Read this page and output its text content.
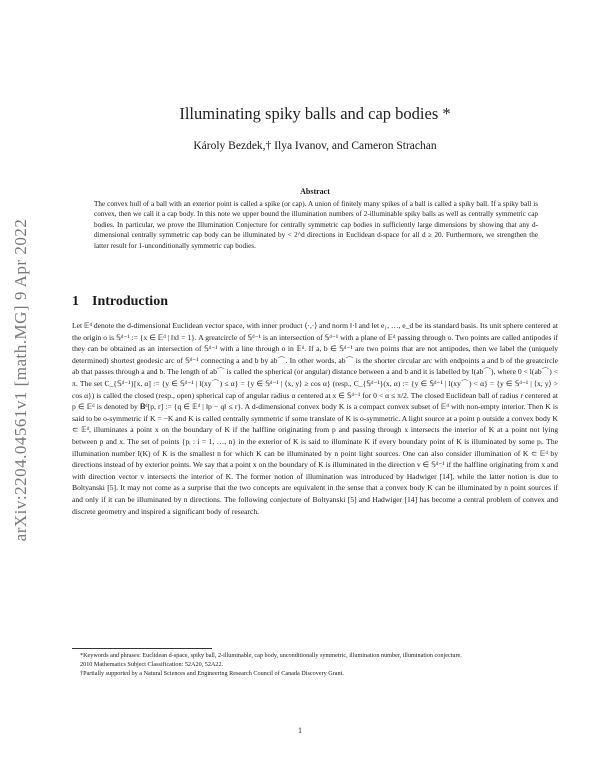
arXiv:2204.04561v1 [math.MG] 9 Apr 2022
Illuminating spiky balls and cap bodies *
Károly Bezdek,† Ilya Ivanov, and Cameron Strachan
Abstract

The convex hull of a ball with an exterior point is called a spike (or cap). A union of finitely many spikes of a ball is called a spiky ball. If a spiky ball is convex, then we call it a cap body. In this note we upper bound the illumination numbers of 2-illuminable spiky balls as well as centrally symmetric cap bodies. In particular, we prove the Illumination Conjecture for centrally symmetric cap bodies in sufficiently large dimensions by showing that any d-dimensional centrally symmetric cap body can be illuminated by < 2^d directions in Euclidean d-space for all d ≥ 20. Furthermore, we strengthen the latter result for 1-unconditionally symmetric cap bodies.

1 Introduction

Let 𝔼ᵈ denote the d-dimensional Euclidean vector space, with inner product ⟨·,·⟩ and norm ‖·‖ and let e₁, …, e_d be its standard basis. Its unit sphere centered at the origin o is 𝕊ᵈ⁻¹ := {x ∈ 𝔼ᵈ | ‖x‖ = 1}. A greatcircle of 𝕊ᵈ⁻¹ is an intersection of 𝕊ᵈ⁻¹ with a plane of 𝔼ᵈ passing through o. Two points are called antipodes if they can be obtained as an intersection of 𝕊ᵈ⁻¹ with a line through o in 𝔼ᵈ. If a, b ∈ 𝕊ᵈ⁻¹ are two points that are not antipodes, then we label the (uniquely determined) shortest geodesic arc of 𝕊ᵈ⁻¹ connecting a and b by ab⌒. In other words, ab⌒ is the shorter circular arc with endpoints a and b of the greatcircle ab that passes through a and b. The length of ab⌒ is called the spherical (or angular) distance between a and b and it is labelled by l(ab⌒), where 0 < l(ab⌒) < π. The set C_{𝕊ᵈ⁻¹}[x, α] := {y ∈ 𝕊ᵈ⁻¹ | l(xy⌒) ≤ α} = {y ∈ 𝕊ᵈ⁻¹ | ⟨x, y⟩ ≥ cos α} (resp., C_{𝕊ᵈ⁻¹}(x, α) := {y ∈ 𝕊ᵈ⁻¹ | l(xy⌒) < α} = {y ∈ 𝕊ᵈ⁻¹ | ⟨x, y⟩ > cos α}) is called the closed (resp., open) spherical cap of angular radius α centered at x ∈ 𝕊ᵈ⁻¹ for 0 < α ≤ π/2. The closed Euclidean ball of radius r centered at p ∈ 𝔼ᵈ is denoted by 𝐁ᵈ[p, r] := {q ∈ 𝔼ᵈ | ‖p − q‖ ≤ r}. A d-dimensional convex body K is a compact convex subset of 𝔼ᵈ with non-empty interior. Then K is said to be o-symmetric if K = −K and K is called centrally symmetric if some translate of K is o-symmetric. A light source at a point p outside a convex body K ⊂ 𝔼ᵈ, illuminates a point x on the boundary of K if the halfline originating from p and passing through x intersects the interior of K at a point not lying between p and x. The set of points {pᵢ : i = 1, …, n} in the exterior of K is said to illuminate K if every boundary point of K is illuminated by some pᵢ. The illumination number I(K) of K is the smallest n for which K can be illuminated by n point light sources. One can also consider illumination of K ⊂ 𝔼ᵈ by directions instead of by exterior points. We say that a point x on the boundary of K is illuminated in the direction v ∈ 𝕊ᵈ⁻¹ if the halfline originating from x and with direction vector v intersects the interior of K. The former notion of illumination was introduced by Hadwiger [14], while the latter notion is due to Boltyanski [5]. It may not come as a surprise that the two concepts are equivalent in the sense that a convex body K can be illuminated by n point sources if and only if it can be illuminated by n directions. The following conjecture of Boltyanski [5] and Hadwiger [14] has become a central problem of convex and discrete geometry and inspired a significant body of research.

*Keywords and phrases: Euclidean d-space, spiky ball, 2-illuminable, cap body, unconditionally symmetric, illumination number, illumination conjecture.

2010 Mathematics Subject Classification: 52A20, 52A22.

†Partially supported by a Natural Sciences and Engineering Research Council of Canada Discovery Grant.

1
